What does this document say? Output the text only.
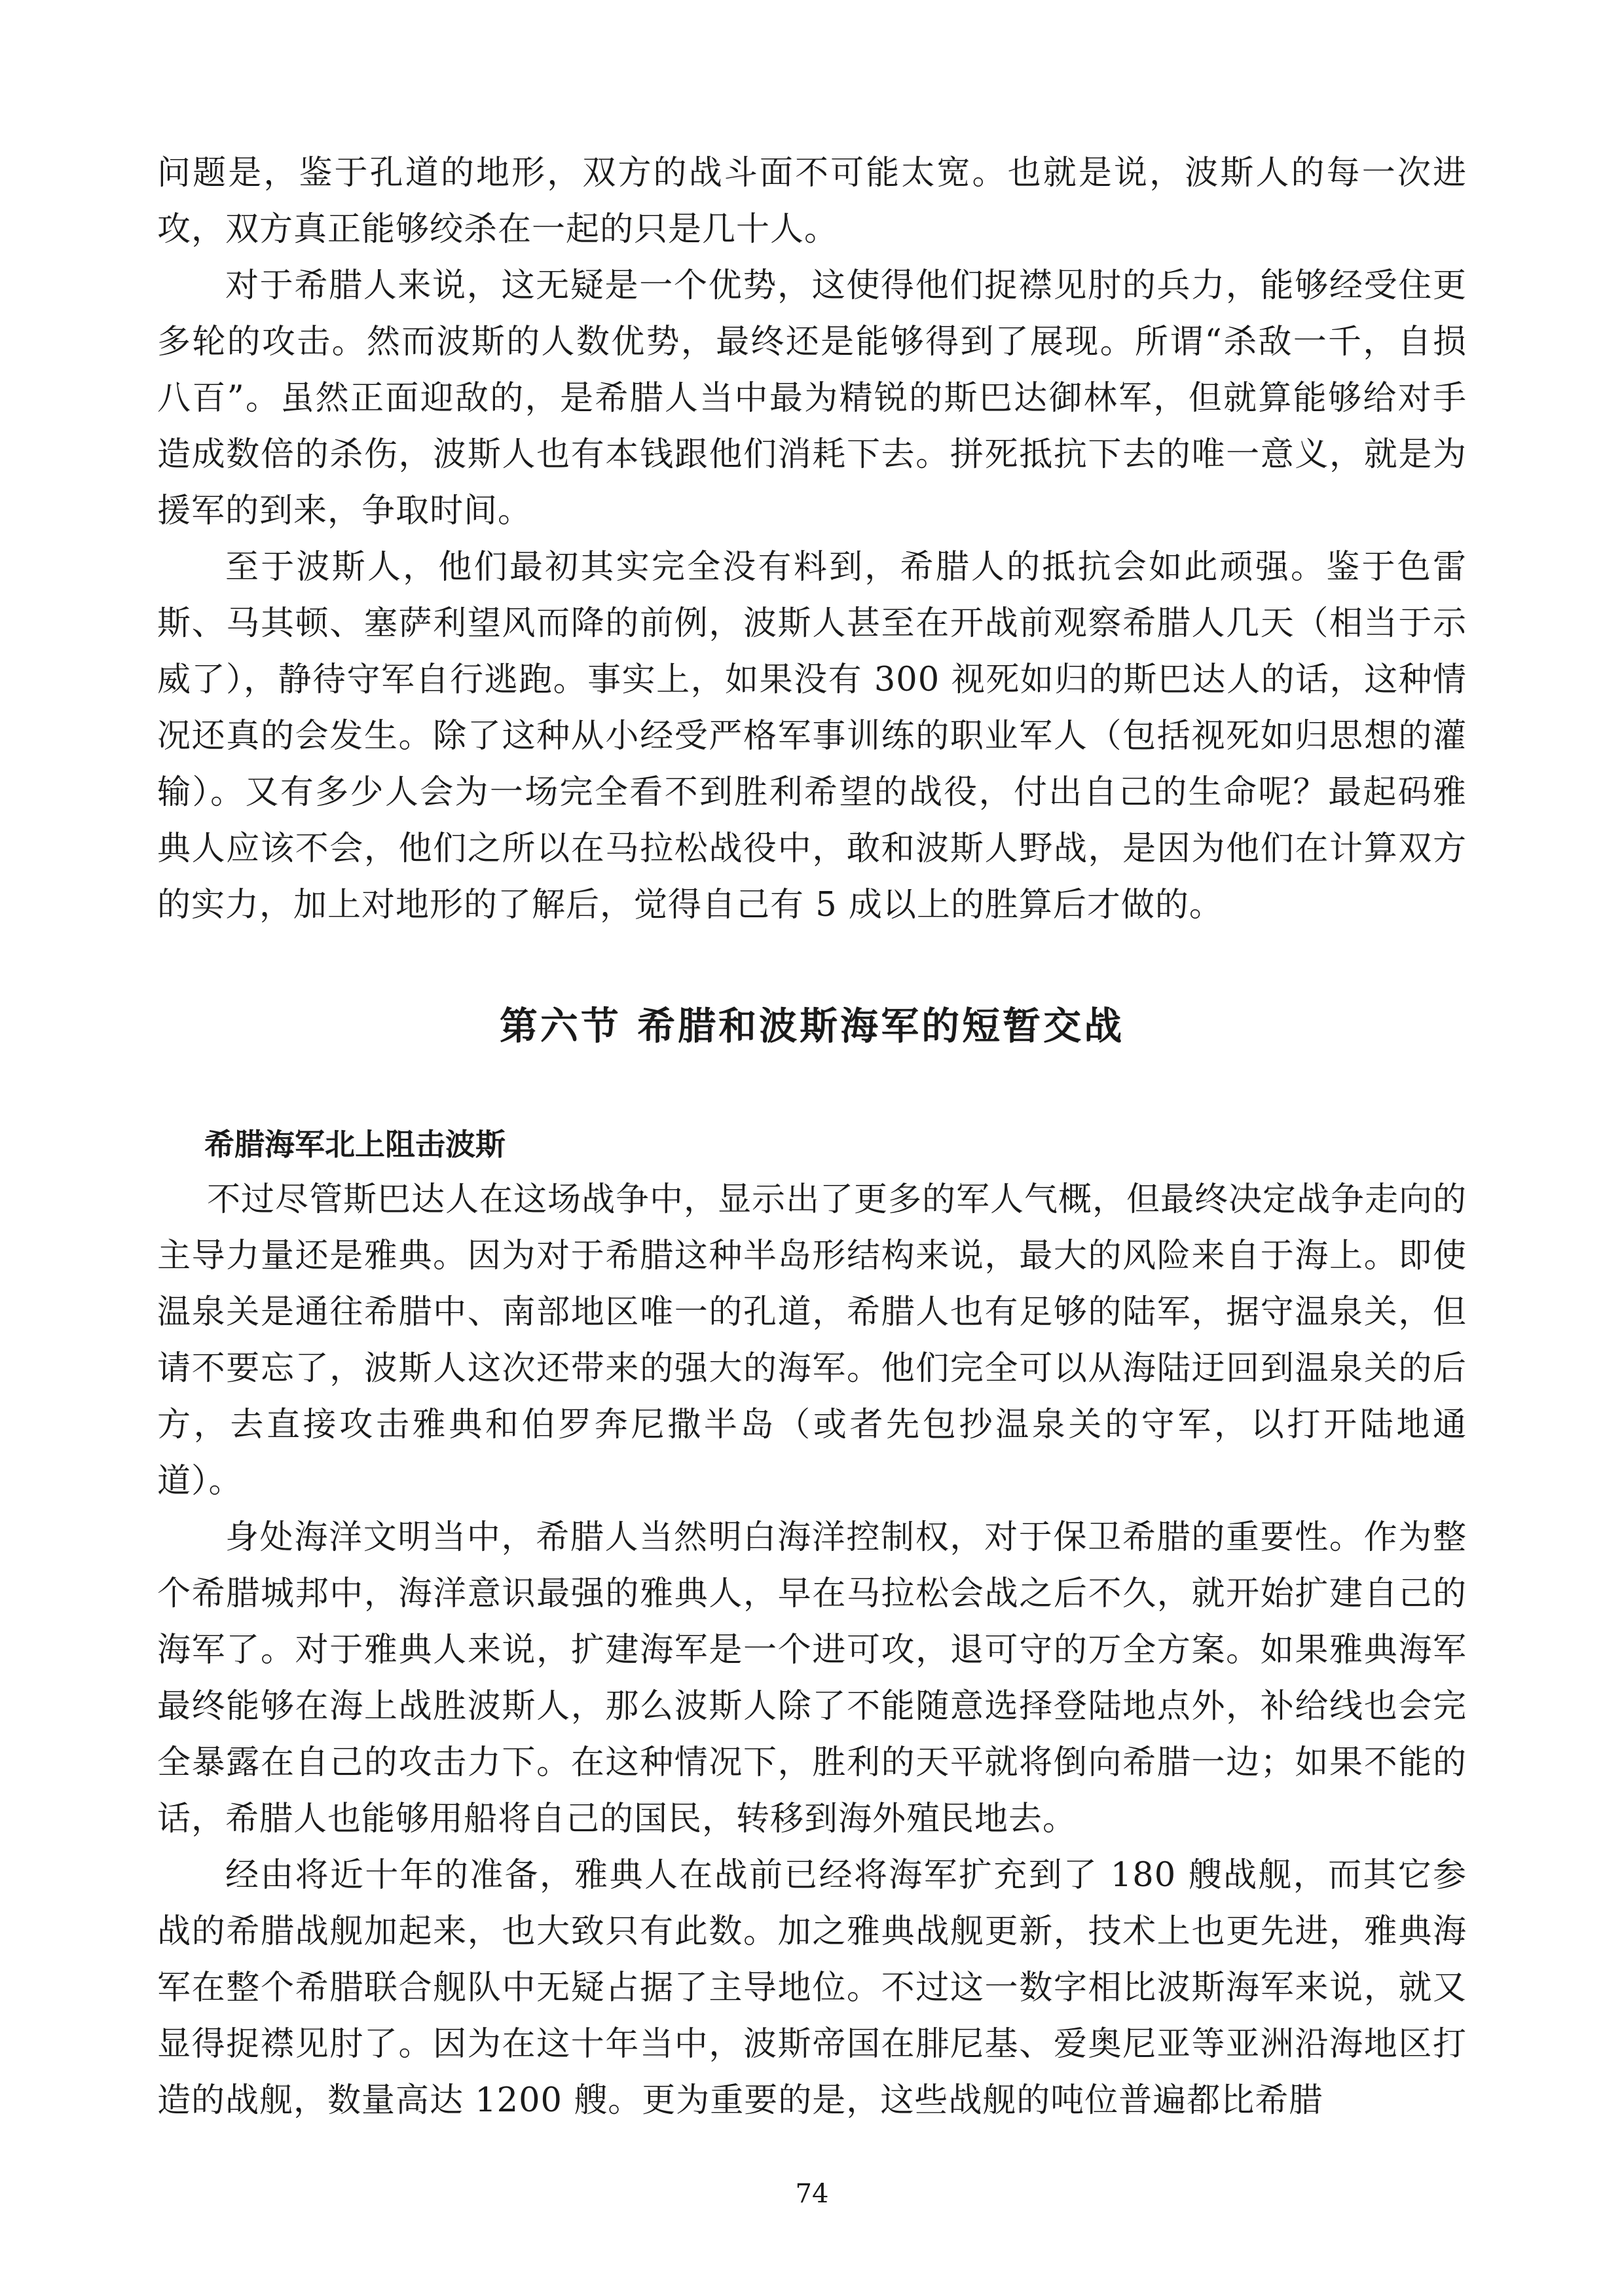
问题是，鉴于孔道的地形，双方的战斗面不可能太宽。也就是说，波斯人的每一次进攻，双方真正能够绞杀在一起的只是几十人。

对于希腊人来说，这无疑是一个优势，这使得他们捉襟见肘的兵力，能够经受住更多轮的攻击。然而波斯的人数优势，最终还是能够得到了展现。所谓“杀敌一千，自损八百”。虽然正面迎敌的，是希腊人当中最为精锐的斯巴达御林军，但就算能够给对手造成数倍的杀伤，波斯人也有本钱跟他们消耗下去。拼死抵抗下去的唯一意义，就是为援军的到来，争取时间。

至于波斯人，他们最初其实完全没有料到，希腊人的抵抗会如此顽强。鉴于色雷斯、马其顿、塞萨利望风而降的前例，波斯人甚至在开战前观察希腊人几天（相当于示威了），静待守军自行逃跑。事实上，如果没有 300 视死如归的斯巴达人的话，这种情况还真的会发生。除了这种从小经受严格军事训练的职业军人（包括视死如归思想的灌输）。又有多少人会为一场完全看不到胜利希望的战役，付出自己的生命呢？最起码雅典人应该不会，他们之所以在马拉松战役中，敢和波斯人野战，是因为他们在计算双方的实力，加上对地形的了解后，觉得自己有 5 成以上的胜算后才做的。

第六节 希腊和波斯海军的短暂交战
希腊海军北上阻击波斯

不过尽管斯巴达人在这场战争中，显示出了更多的军人气概，但最终决定战争走向的主导力量还是雅典。因为对于希腊这种半岛形结构来说，最大的风险来自于海上。即使温泉关是通往希腊中、南部地区唯一的孔道，希腊人也有足够的陆军，据守温泉关，但请不要忘了，波斯人这次还带来的强大的海军。他们完全可以从海陆迂回到温泉关的后方，去直接攻击雅典和伯罗奔尼撒半岛（或者先包抄温泉关的守军，以打开陆地通道）。

身处海洋文明当中，希腊人当然明白海洋控制权，对于保卫希腊的重要性。作为整个希腊城邦中，海洋意识最强的雅典人，早在马拉松会战之后不久，就开始扩建自己的海军了。对于雅典人来说，扩建海军是一个进可攻，退可守的万全方案。如果雅典海军最终能够在海上战胜波斯人，那么波斯人除了不能随意选择登陆地点外，补给线也会完全暴露在自己的攻击力下。在这种情况下，胜利的天平就将倒向希腊一边；如果不能的话，希腊人也能够用船将自己的国民，转移到海外殖民地去。

经由将近十年的准备，雅典人在战前已经将海军扩充到了 180 艘战舰，而其它参战的希腊战舰加起来，也大致只有此数。加之雅典战舰更新，技术上也更先进，雅典海军在整个希腊联合舰队中无疑占据了主导地位。不过这一数字相比波斯海军来说，就又显得捉襟见肘了。因为在这十年当中，波斯帝国在腓尼基、爱奥尼亚等亚洲沿海地区打造的战舰，数量高达 1200 艘。更为重要的是，这些战舰的吨位普遍都比希腊

74
